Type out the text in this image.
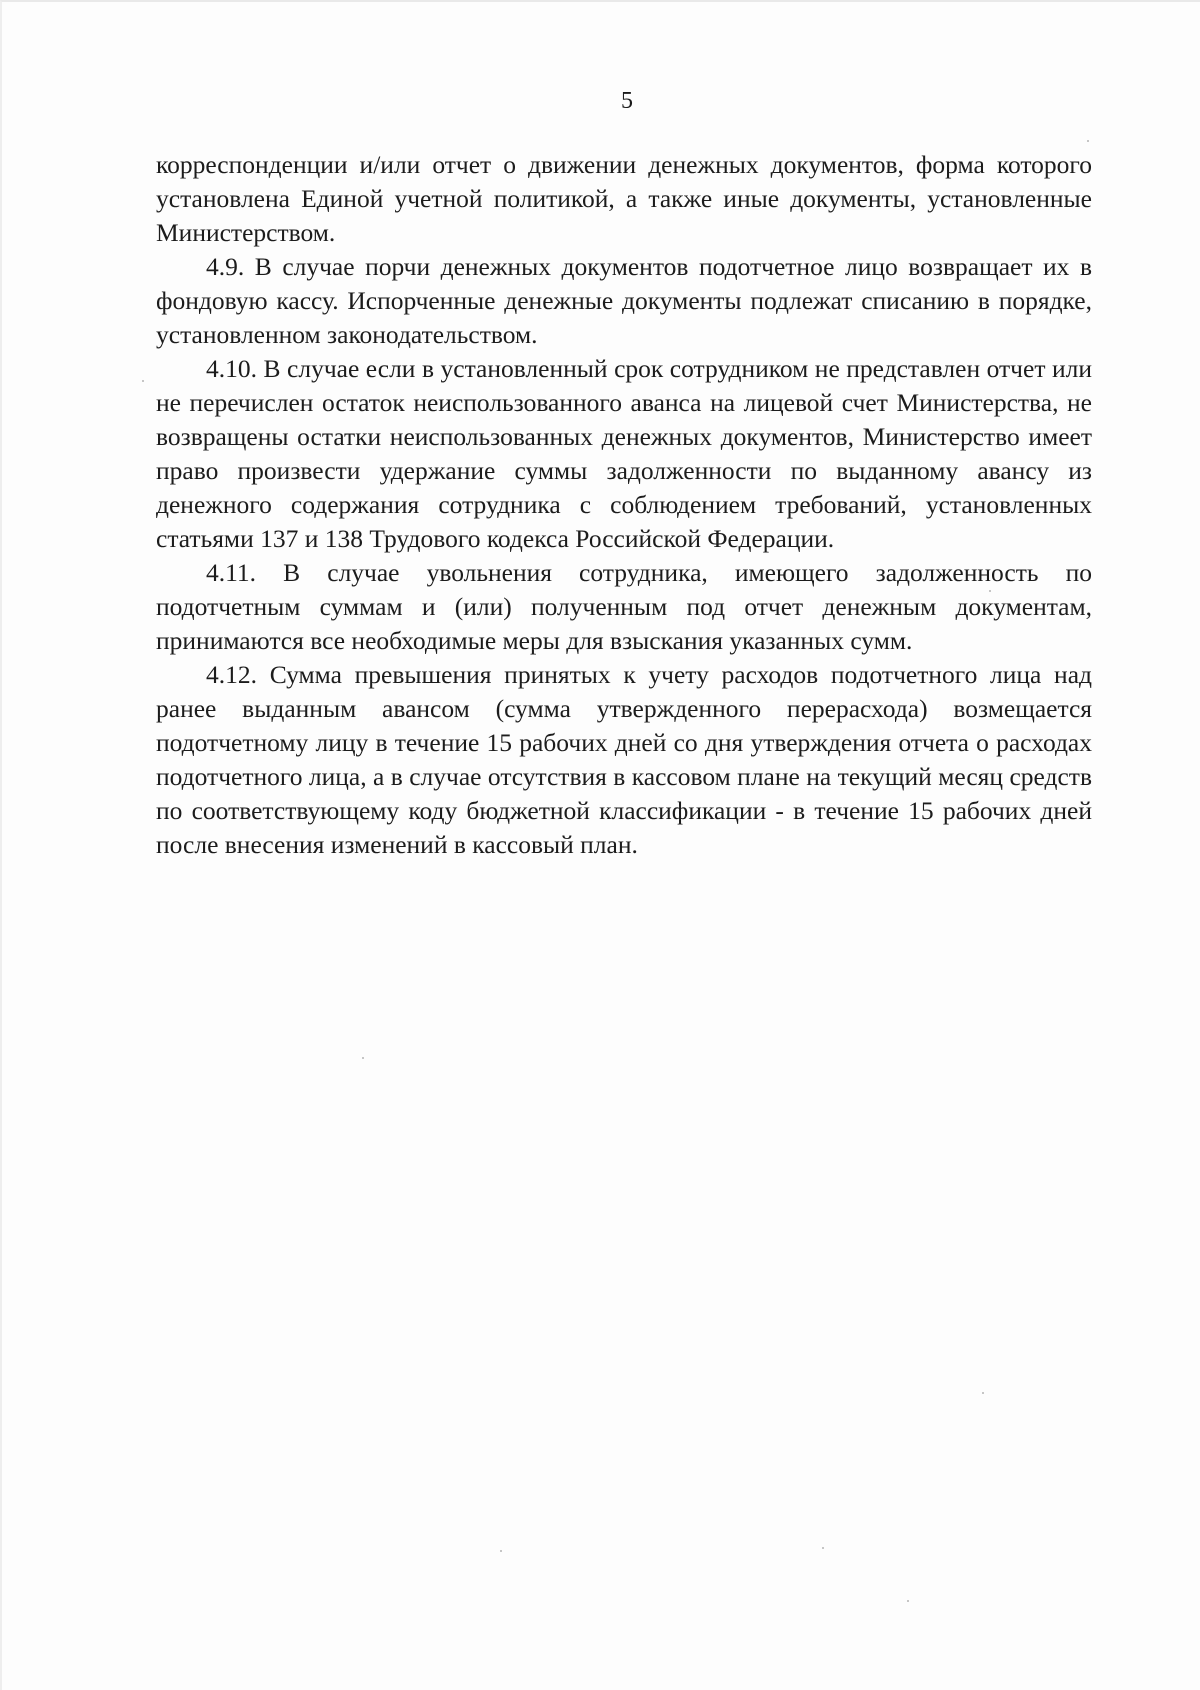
5

корреспонденции и/или отчет о движении денежных документов, форма которого установлена Единой учетной политикой, а также иные документы, установленные Министерством.

4.9. В случае порчи денежных документов подотчетное лицо возвращает их в фондовую кассу. Испорченные денежные документы подлежат списанию в порядке, установленном законодательством.

4.10. В случае если в установленный срок сотрудником не представлен отчет или не перечислен остаток неиспользованного аванса на лицевой счет Министерства, не возвращены остатки неиспользованных денежных документов, Министерство имеет право произвести удержание суммы задолженности по выданному авансу из денежного содержания сотрудника с соблюдением требований, установленных статьями 137 и 138 Трудового кодекса Российской Федерации.

4.11. В случае увольнения сотрудника, имеющего задолженность по подотчетным суммам и (или) полученным под отчет денежным документам, принимаются все необходимые меры для взыскания указанных сумм.

4.12. Сумма превышения принятых к учету расходов подотчетного лица над ранее выданным авансом (сумма утвержденного перерасхода) возмещается подотчетному лицу в течение 15 рабочих дней со дня утверждения отчета о расходах подотчетного лица, а в случае отсутствия в кассовом плане на текущий месяц средств по соответствующему коду бюджетной классификации - в течение 15 рабочих дней после внесения изменений в кассовый план.
